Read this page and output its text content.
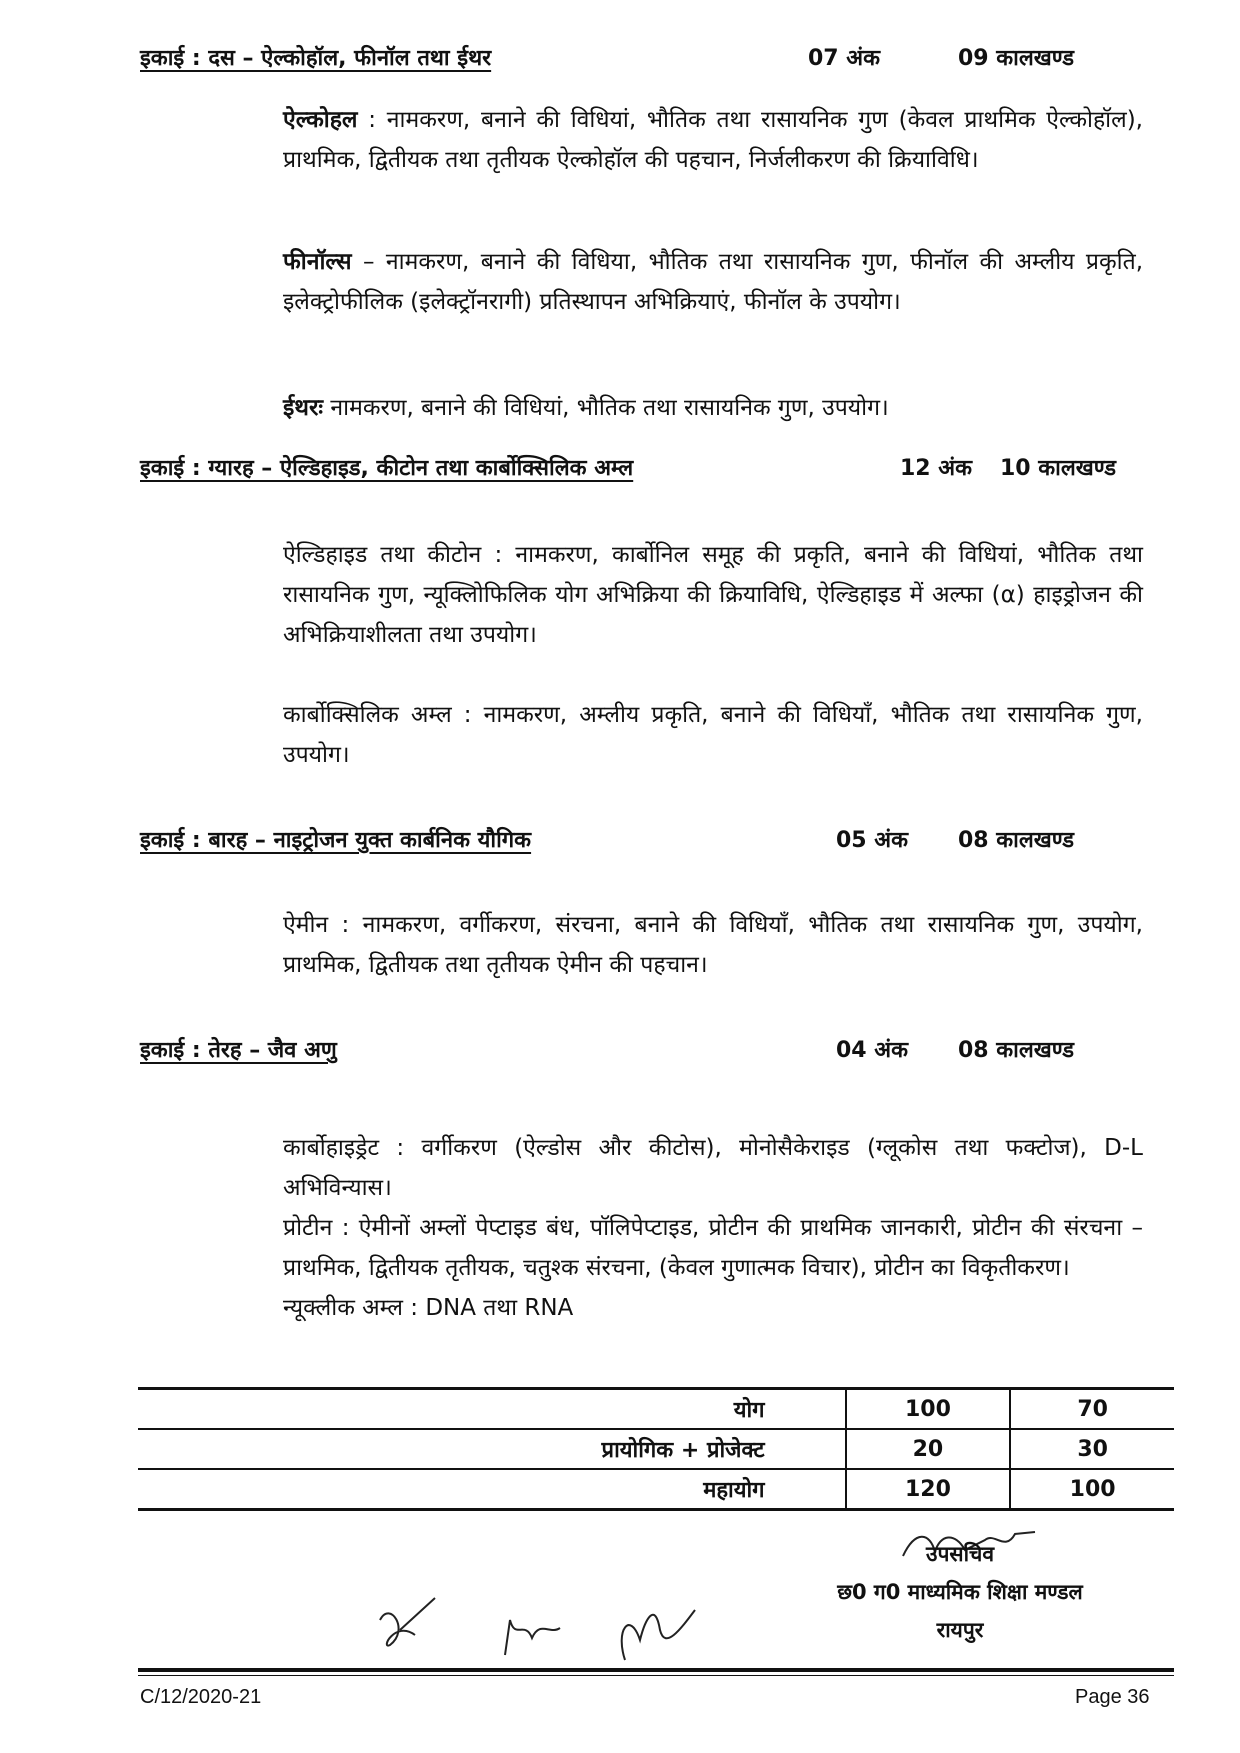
इकाई : दस – ऐल्कोहॉल, फीनॉल तथा ईथर	07 अंक	09 कालखण्ड
ऐल्कोहल : नामकरण, बनाने की विधियां, भौतिक तथा रासायनिक गुण (केवल प्राथमिक ऐल्कोहॉल), प्राथमिक, द्वितीयक तथा तृतीयक ऐल्कोहॉल की पहचान, निर्जलीकरण की क्रियाविधि।
फीनॉल्स – नामकरण, बनाने की विधिया, भौतिक तथा रासायनिक गुण, फीनॉल की अम्लीय प्रकृति, इलेक्ट्रोफीलिक (इलेक्ट्रॉनरागी) प्रतिस्थापन अभिक्रियाएं, फीनॉल के उपयोग।
ईथरः नामकरण, बनाने की विधियां, भौतिक तथा रासायनिक गुण, उपयोग।
इकाई : ग्यारह – ऐल्डिहाइड, कीटोन तथा कार्बोक्सिलिक अम्ल	12 अंक 10 कालखण्ड
ऐल्डिहाइड तथा कीटोन : नामकरण, कार्बोनिल समूह की प्रकृति, बनाने की विधियां, भौतिक तथा रासायनिक गुण, न्यूक्लिोफिलिक योग अभिक्रिया की क्रियाविधि, ऐल्डिहाइड में अल्फा (α) हाइड्रोजन की अभिक्रियाशीलता तथा उपयोग।
कार्बोक्सिलिक अम्ल : नामकरण, अम्लीय प्रकृति, बनाने की विधियाँ, भौतिक तथा रासायनिक गुण, उपयोग।
इकाई : बारह – नाइट्रोजन युक्त कार्बनिक यौगिक	05 अंक 08 कालखण्ड
ऐमीन : नामकरण, वर्गीकरण, संरचना, बनाने की विधियाँ, भौतिक तथा रासायनिक गुण, उपयोग, प्राथमिक, द्वितीयक तथा तृतीयक ऐमीन की पहचान।
इकाई : तेरह – जैव अणु	04 अंक 08 कालखण्ड
कार्बोहाइड्रेट : वर्गीकरण (ऐल्डोस और कीटोस), मोनोसैकेराइड (ग्लूकोस तथा फक्टोज), D-L अभिविन्यास।
प्रोटीन : ऐमीनों अम्लों पेप्टाइड बंध, पॉलिपेप्टाइड, प्रोटीन की प्राथमिक जानकारी, प्रोटीन की संरचना – प्राथमिक, द्वितीयक तृतीयक, चतुश्क संरचना, (केवल गुणात्मक विचार), प्रोटीन का विकृतीकरण।
न्यूक्लीक अम्ल : DNA तथा RNA
योग	100	70
प्रायोगिक + प्रोजेक्ट	20	30
महायोग	120	100
उपसचिव
छ0 ग0 माध्यमिक शिक्षा मण्डल
रायपुर
C/12/2020-21	Page 36
